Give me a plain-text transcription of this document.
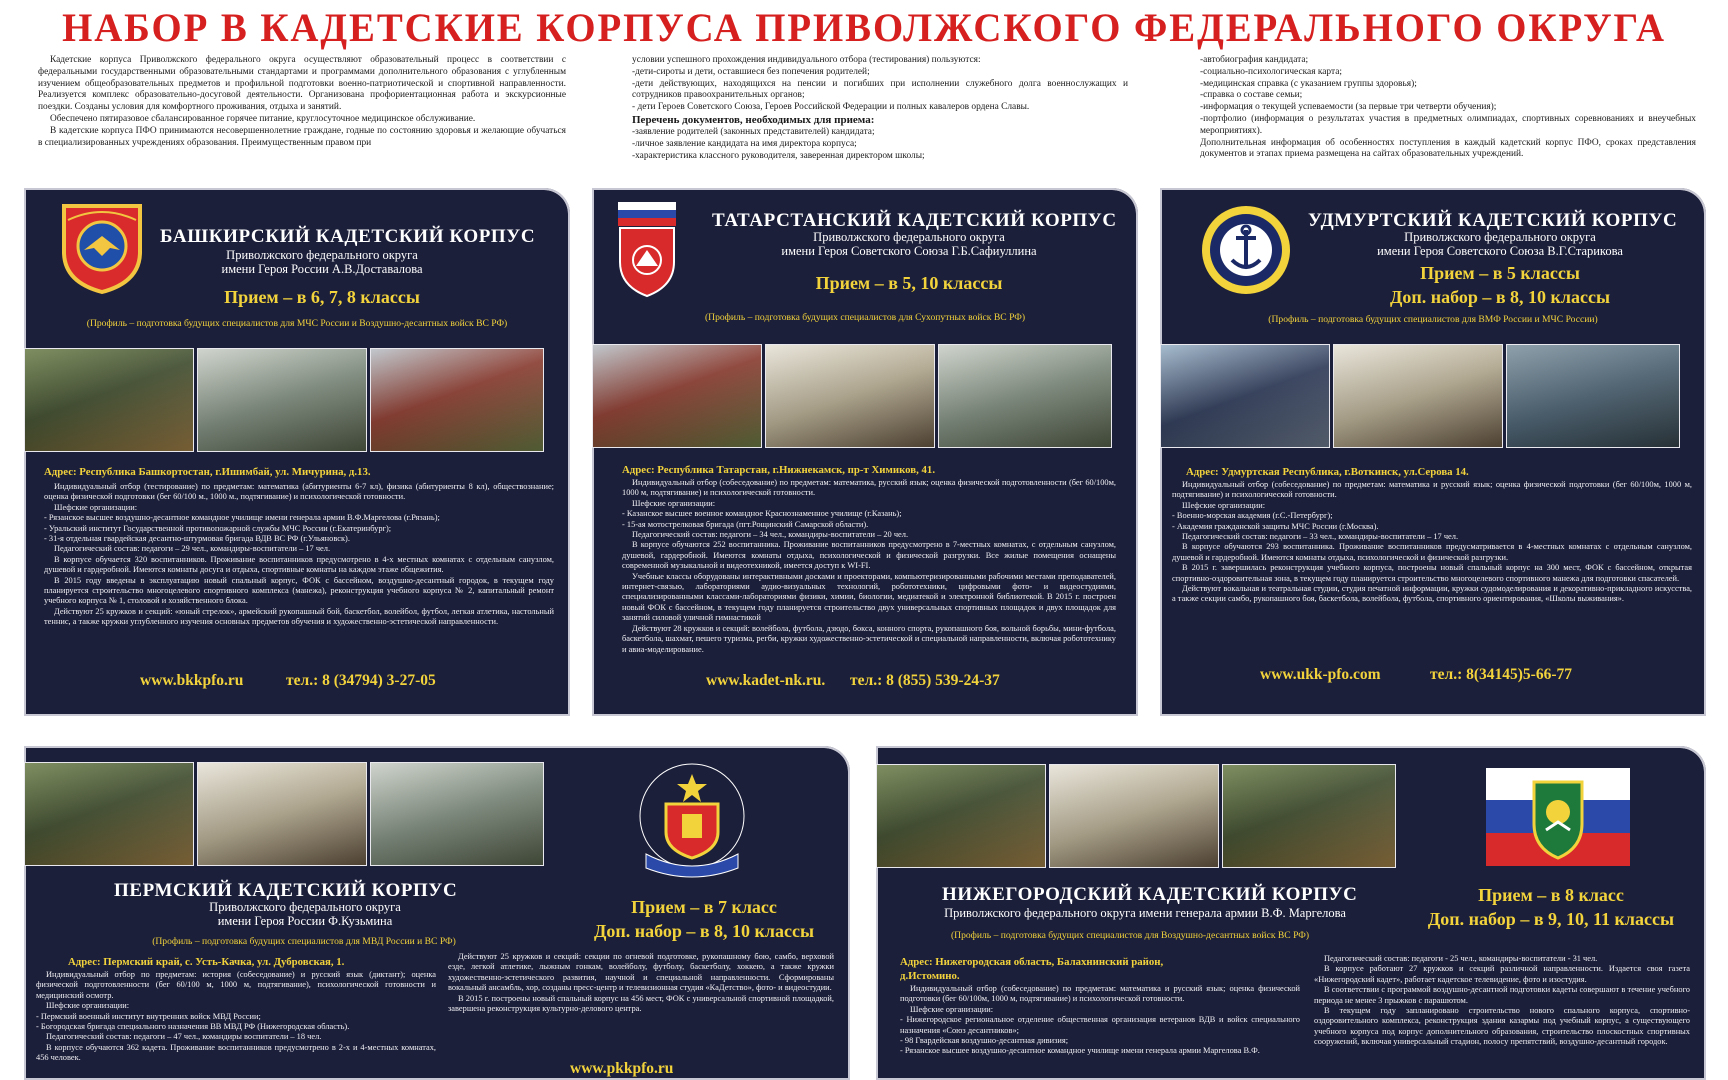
НАБОР В КАДЕТСКИЕ КОРПУСА ПРИВОЛЖСКОГО ФЕДЕРАЛЬНОГО ОКРУГА

Кадетские корпуса Приволжского федерального округа осуществляют образовательный процесс в соответствии с федеральными государственными образовательными стандартами и программами дополнительного образования с углубленным изучением общеобразовательных предметов и профильной подготовки военно-патриотической и спортивной направленности. Реализуется комплекс образовательно-досуговой деятельности. Организована профориентационная работа и экскурсионные поездки. Созданы условия для комфортного проживания, отдыха и занятий.

Обеспечено пятиразовое сбалансированное горячее питание, круглосуточное медицинское обслуживание.

В кадетские корпуса ПФО принимаются несовершеннолетние граждане, годные по состоянию здоровья и желающие обучаться в специализированных учреждениях образования. Преимущественным правом при

условии успешного прохождения индивидуального отбора (тестирования) пользуются:

-дети-сироты и дети, оставшиеся без попечения родителей;

-дети действующих, находящихся на пенсии и погибших при исполнении служебного долга военнослужащих и сотрудников правоохранительных органов;

- дети Героев Советского Союза, Героев Российской Федерации и полных кавалеров ордена Славы.

Перечень документов, необходимых для приема:

-заявление родителей (законных представителей) кандидата;

-личное заявление кандидата на имя директора корпуса;

-характеристика классного руководителя, заверенная директором школы;

-автобиография кандидата;

-социально-психологическая карта;

-медицинская справка (с указанием группы здоровья);

-справка о составе семьи;

-информация о текущей успеваемости (за первые три четверти обучения);

-портфолио (информация о результатах участия в предметных олимпиадах, спортивных соревнованиях и внеучебных мероприятиях).

Дополнительная информация об особенностях поступления в каждый кадетский корпус ПФО, сроках представления документов и этапах приема размещена на сайтах образовательных учреждений.

БАШКИРСКИЙ КАДЕТСКИЙ КОРПУС
Приволжского федерального округа
имени Героя России А.В.Доставалова
Прием – в 6, 7, 8 классы
(Профиль – подготовка будущих специалистов для МЧС России и Воздушно-десантных войск ВС РФ)
Адрес: Республика Башкортостан, г.Ишимбай, ул. Мичурина, д.13.

Индивидуальный отбор (тестирование) по предметам: математика (абитуриенты 6-7 кл), физика (абитуриенты 8 кл), обществознание; оценка физической подготовки (бег 60/100 м., 1000 м., подтягивание) и психологической готовности.

Шефские организации:

- Рязанское высшее воздушно-десантное командное училище имени генерала армии В.Ф.Маргелова (г.Рязань);

- Уральский институт Государственной противопожарной службы МЧС России (г.Екатеринбург);

- 31-я отдельная гвардейская десантно-штурмовая бригада ВДВ ВС РФ (г.Ульяновск).

Педагогический состав: педагоги – 29 чел., командиры-воспитатели – 17 чел.

В корпусе обучается 320 воспитанников. Проживание воспитанников предусмотрено в 4-х местных комнатах с отдельным санузлом, душевой и гардеробной. Имеются комнаты досуга и отдыха, спортивные комнаты на каждом этаже общежития.

В 2015 году введены в эксплуатацию новый спальный корпус, ФОК с бассейном, воздушно-десантный городок, в текущем году планируется строительство многоцелевого спортивного комплекса (манежа), реконструкция учебного корпуса № 2, капитальный ремонт учебного корпуса № 1, столовой и хозяйственного блока.

Действуют 25 кружков и секций: «юный стрелок», армейский рукопашный бой, баскетбол, волейбол, футбол, легкая атлетика, настольный теннис, а также кружки углубленного изучения основных предметов обучения и художественно-эстетической направленности.

www.bkkpfo.ru	тел.: 8 (34794) 3-27-05
ТАТАРСТАНСКИЙ КАДЕТСКИЙ КОРПУС
Приволжского федерального округа
имени Героя Советского Союза Г.Б.Сафиуллина
Прием – в 5, 10 классы
(Профиль – подготовка будущих специалистов для Сухопутных войск ВС РФ)
Адрес: Республика Татарстан, г.Нижнекамск, пр-т Химиков, 41.

Индивидуальный отбор (собеседование) по предметам: математика, русский язык; оценка физической подготовленности (бег 60/100м, 1000 м, подтягивание) и психологической готовности.

Шефские организации:

- Казанское высшее военное командное Краснознаменное училище (г.Казань);

- 15-ая мотострелковая бригада (пгт.Рощинский Самарской области).

Педагогический состав: педагоги – 34 чел., командиры-воспитатели – 20 чел.

В корпусе обучаются 252 воспитанника. Проживание воспитанников предусмотрено в 7-местных комнатах, с отдельным санузлом, душевой, гардеробной. Имеются комнаты отдыха, психологической и физической разгрузки. Все жилые помещения оснащены современной музыкальной и видеотехникой, имеется доступ к WI-FI.

Учебные классы оборудованы интерактивными досками и проекторами, компьютеризированными рабочими местами преподавателей, интернет-связью, лабораториями аудио-визуальных технологий, робототехники, цифровыми фото- и видеостудиями, специализированными классами-лабораториями физики, химии, биологии, медиатекой и электронной библиотекой. В 2015 г. построен новый ФОК с бассейном, в текущем году планируется строительство двух универсальных спортивных площадок и двух площадок для занятий силовой уличной гимнастикой

Действуют 28 кружков и секций: волейбола, футбола, дзюдо, бокса, конного спорта, рукопашного боя, вольной борьбы, мини-футбола, баскетбола, шахмат, пешего туризма, регби, кружки художественно-эстетической и специальной направленности, включая робототехнику и авиа-моделирование.

www.kadet-nk.ru. тел.: 8 (855) 539-24-37
УДМУРТСКИЙ КАДЕТСКИЙ КОРПУС
Приволжского федерального округа
имени Героя Советского Союза В.Г.Старикова
Прием – в 5 классы
Доп. набор – в 8, 10 классы
(Профиль – подготовка будущих специалистов для ВМФ России и МЧС России)
Адрес: Удмуртская Республика, г.Воткинск, ул.Серова 14.

Индивидуальный отбор (собеседование) по предметам: математика и русский язык; оценка физической подготовки (бег 60/100м, 1000 м, подтягивание) и психологической готовности.

Шефские организации:

- Военно-морская академия (г.С.-Петербург);

- Академия гражданской защиты МЧС России (г.Москва).

Педагогический состав: педагоги – 33 чел., командиры-воспитатели – 17 чел.

В корпусе обучаются 293 воспитанника. Проживание воспитанников предусматривается в 4-местных комнатах с отдельным санузлом, душевой и гардеробной. Имеются комнаты отдыха, психологической и физической разгрузки.

В 2015 г. завершилась реконструкция учебного корпуса, построены новый спальный корпус на 300 мест, ФОК с бассейном, открытая спортивно-оздоровительная зона, в текущем году планируется строительство многоцелевого спортивного манежа для подготовки спасателей.

Действуют вокальная и театральная студии, студия печатной информации, кружки судомоделирования и декоративно-прикладного искусства, а также секции самбо, рукопашного боя, баскетбола, волейбола, футбола, спортивного ориентирования, «Школы выживания».

www.ukk-pfo.com	тел.: 8(34145)5-66-77
ПЕРМСКИЙ КАДЕТСКИЙ КОРПУС
Приволжского федерального округа
имени Героя России Ф.Кузьмина
(Профиль – подготовка будущих специалистов для МВД России и ВС РФ)
Прием – в 7 класс
Доп. набор – в 8, 10 классы
Адрес: Пермский край, с. Усть-Качка, ул. Дубровская, 1.

Индивидуальный отбор по предметам: история (собеседование) и русский язык (диктант); оценка физической подготовленности (бег 60/100 м, 1000 м, подтягивание), психологической готовности и медицинский осмотр.

Шефские организации:

- Пермский военный институт внутренних войск МВД России;

- Богородская бригада специального назначения ВВ МВД РФ (Нижегородская область).

Педагогический состав: педагоги – 47 чел., командиры воспитатели – 18 чел.

В корпусе обучаются 362 кадета. Проживание воспитанников предусмотрено в 2-х и 4-местных комнатах, 456 человек.

Действуют 25 кружков и секций: секции по огневой подготовке, рукопашному бою, самбо, верховой езде, легкой атлетике, лыжным гонкам, волейболу, футболу, баскетболу, хоккею, а также кружки художественно-эстетического развития, научной и специальной направленности. Сформированы вокальный ансамбль, хор, созданы пресс-центр и телевизионная студия «КаДетство», фото- и видеостудии.

В 2015 г. построены новый спальный корпус на 456 мест, ФОК с универсальной спортивной площадкой, завершена реконструкция культурно-делового центра.

www.pkkpfo.ru
НИЖЕГОРОДСКИЙ КАДЕТСКИЙ КОРПУС
Приволжского федерального округа имени генерала армии В.Ф. Маргелова
Прием – в 8 класс
Доп. набор – в 9, 10, 11 классы
(Профиль – подготовка будущих специалистов для Воздушно-десантных войск ВС РФ)
Адрес: Нижегородская область, Балахнинский район,
д.Истомино.

Индивидуальный отбор (собеседование) по предметам: математика и русский язык; оценка физической подготовки (бег 60/100м, 1000 м, подтягивание) и психологической готовности.

Шефские организации:

- Нижегородское региональное отделение общественная организация ветеранов ВДВ и войск специального назначения «Союз десантников»;

- 98 Гвардейская воздушно-десантная дивизия;

- Рязанское высшее воздушно-десантное командное училище имени генерала армии Маргелова В.Ф.

Педагогический состав: педагоги - 25 чел., командиры-воспитатели - 31 чел.

В корпусе работают 27 кружков и секций различной направленности. Издается своя газета «Нижегородский кадет», работает кадетское телевидение, фото и изостудия.

В соответствии с программой воздушно-десантной подготовки кадеты совершают в течение учебного периода не менее 3 прыжков с парашютом.

В текущем году запланировано строительство нового спального корпуса, спортивно-оздоровительного комплекса, реконструкция здания казармы под учебный корпус, а существующего учебного корпуса под корпус дополнительного образования, строительство плоскостных спортивных сооружений, включая универсальный стадион, полосу препятствий, воздушно-десантный городок.
